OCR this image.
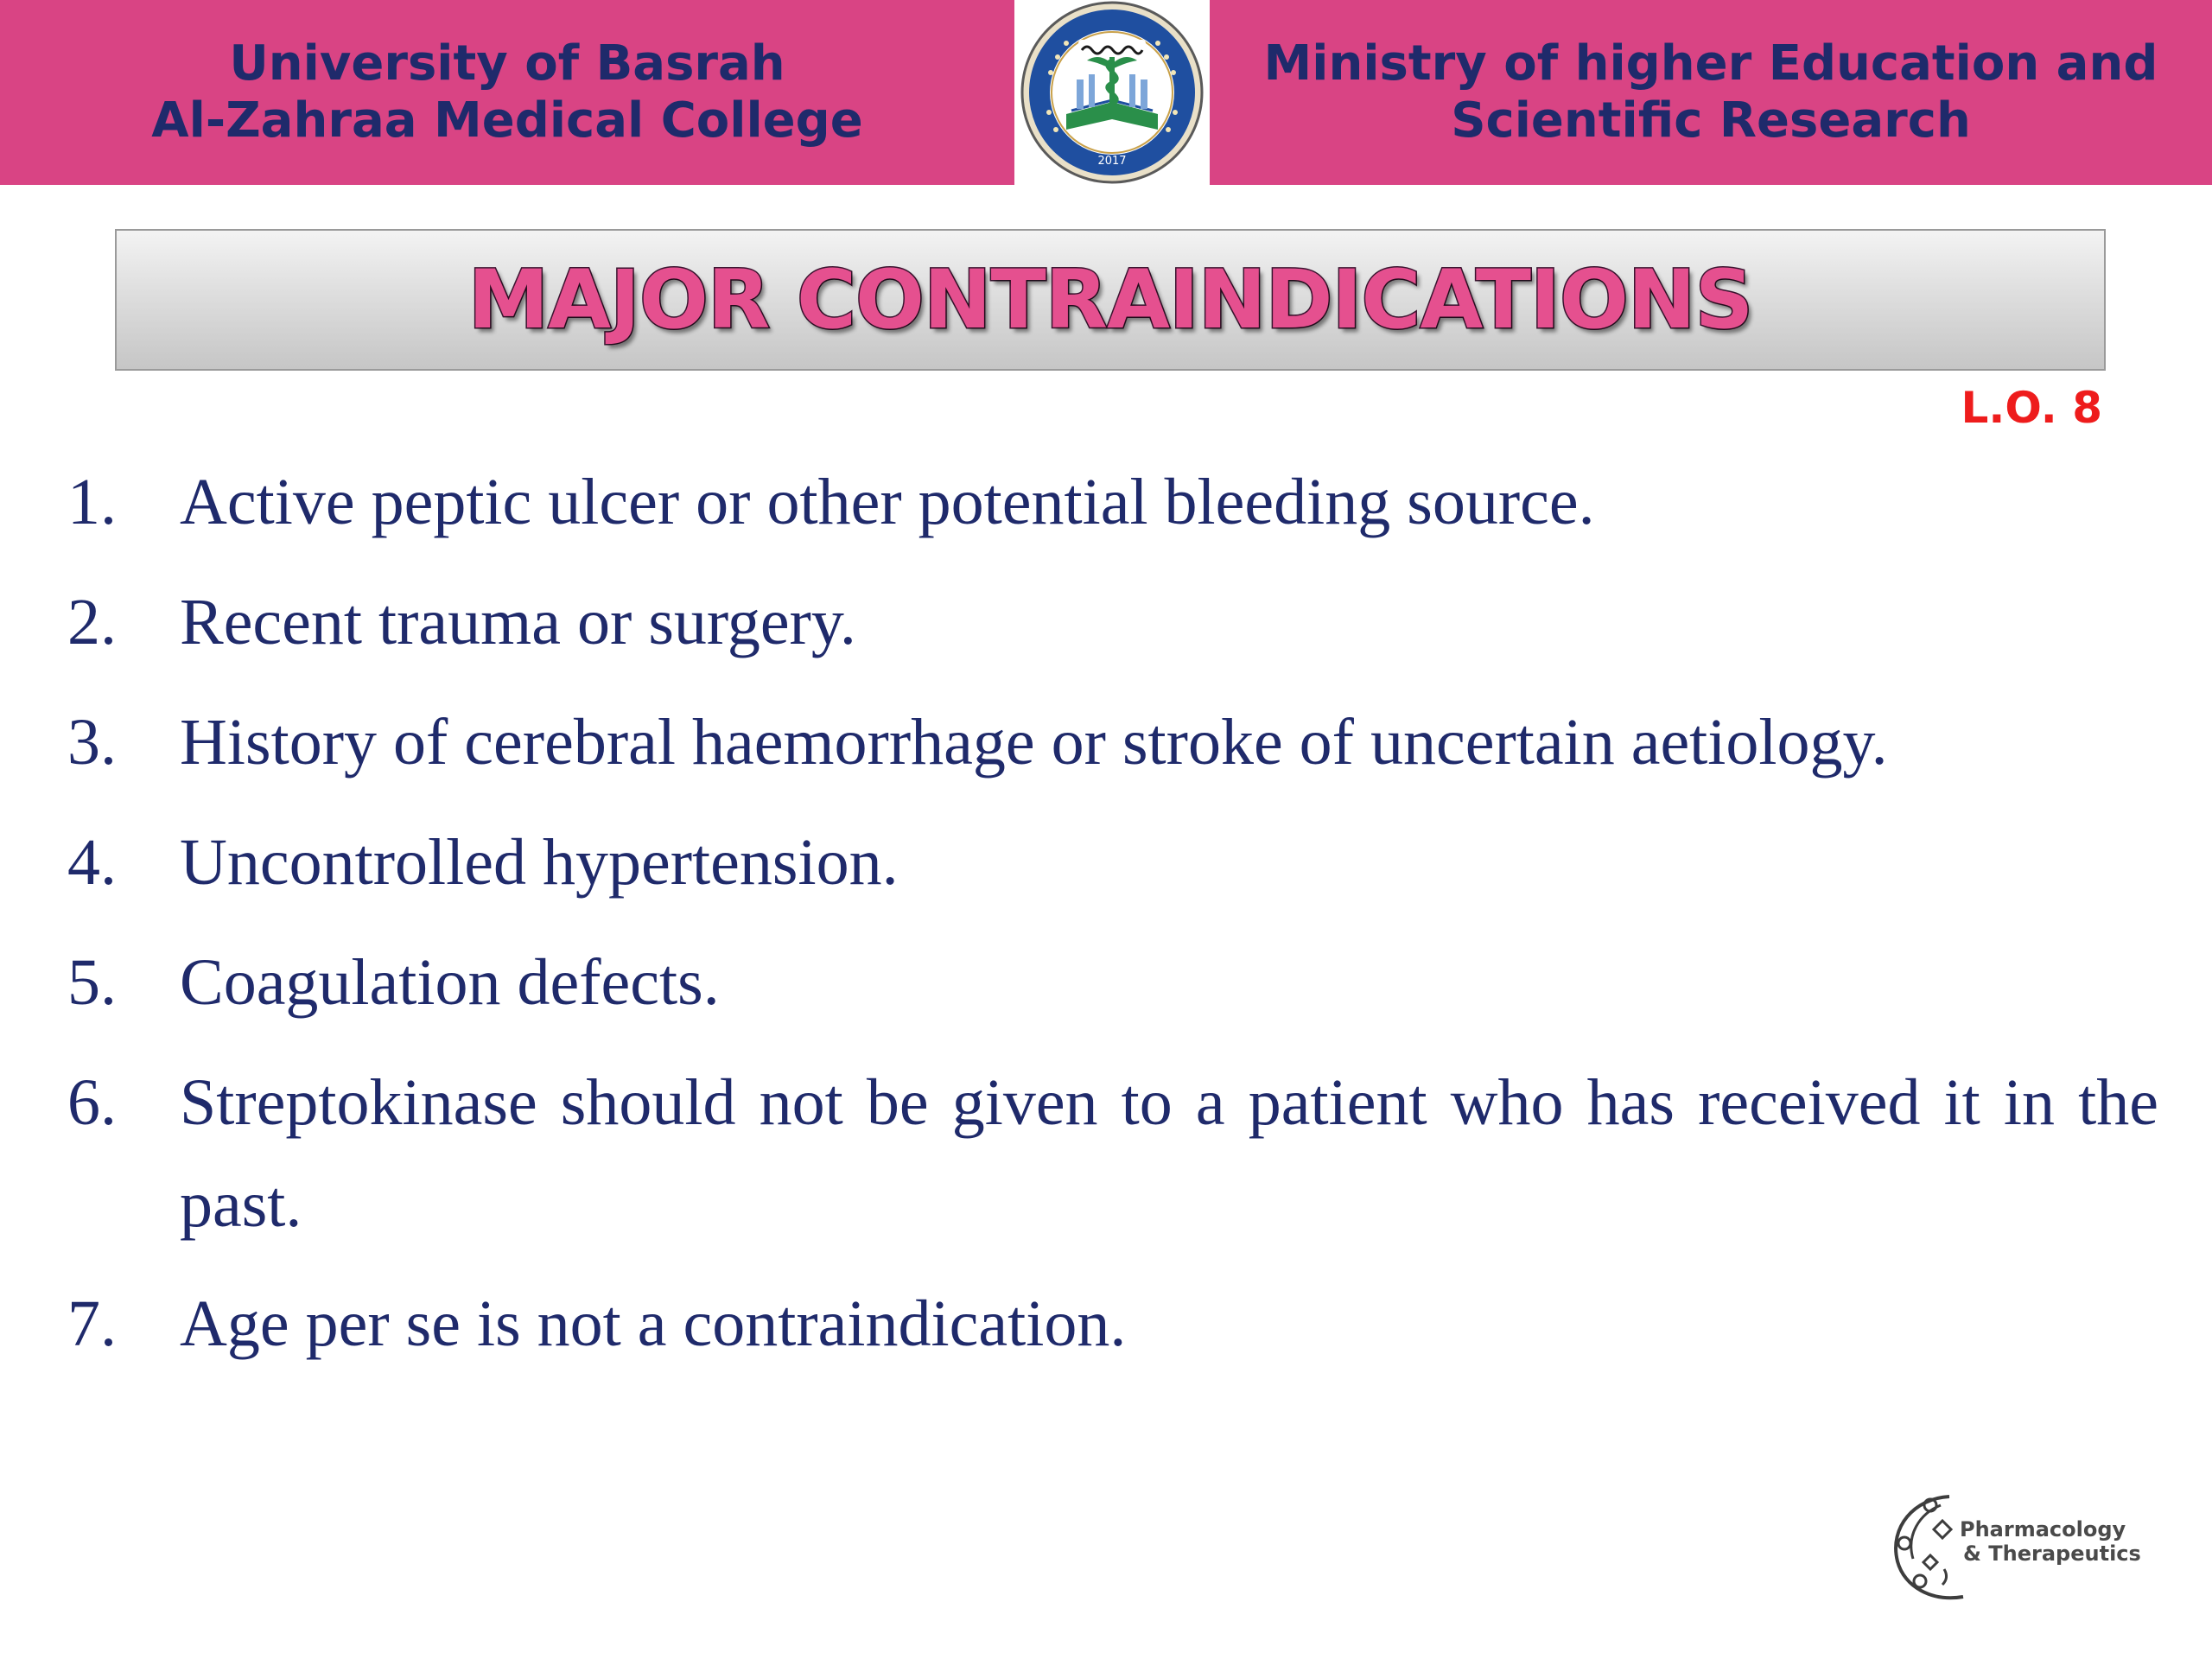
University of Basrah
Al-Zahraa Medical College
2017
Ministry of higher Education and
Scientific Research
MAJOR CONTRAINDICATIONS
L.O. 8
1. Active peptic ulcer or other potential bleeding source.
2. Recent trauma or surgery.
3. History of cerebral haemorrhage or stroke of uncertain aetiology.
4. Uncontrolled hypertension.
5. Coagulation defects.
6. Streptokinase should not be given to a patient who has received it in the past.
7. Age per se is not a contraindication.
Pharmacology
& Therapeutics
